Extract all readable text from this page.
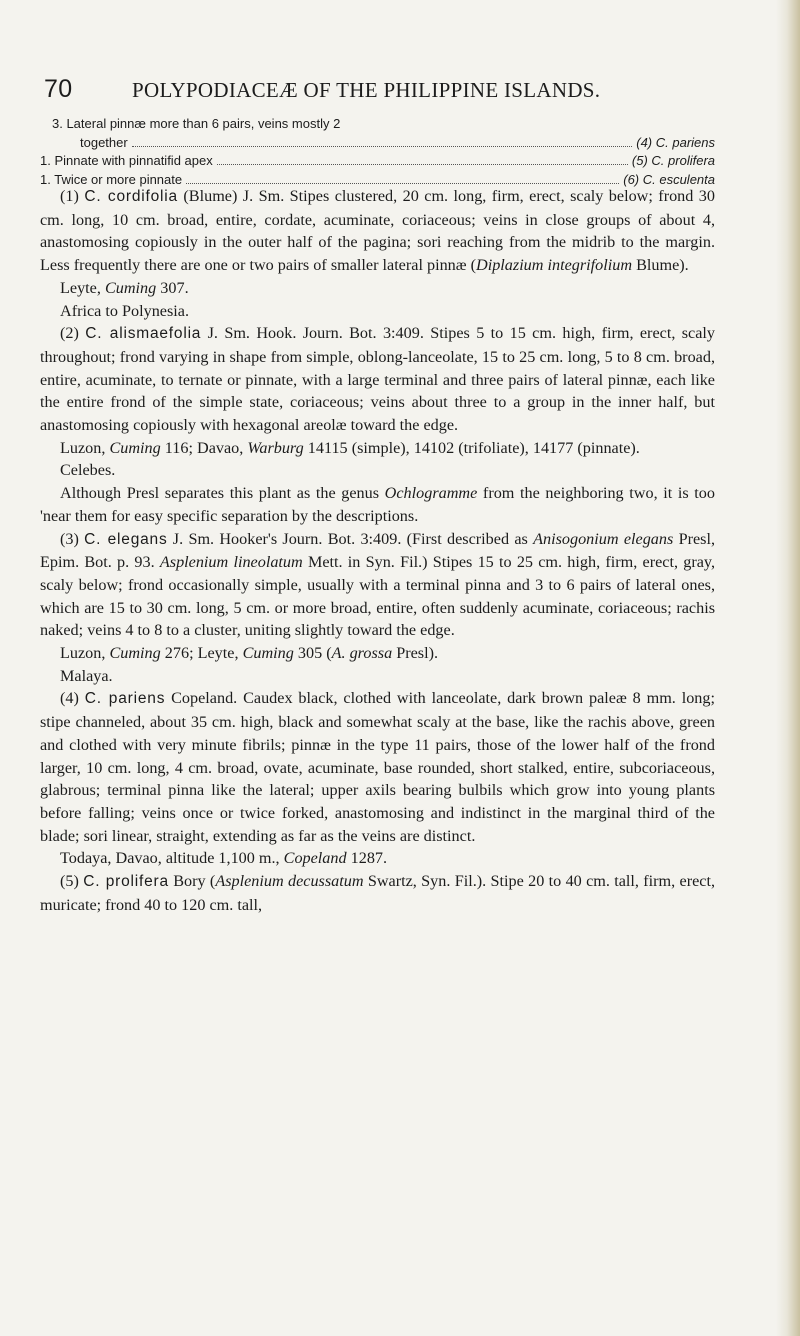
70	POLYPODIACEÆ OF THE PHILIPPINE ISLANDS.
3. Lateral pinnæ more than 6 pairs, veins mostly 2
together	(4) C. pariens
1. Pinnate with pinnatifid apex	(5) C. prolifera
1. Twice or more pinnate	(6) C. esculenta

(1) C. cordifolia (Blume) J. Sm. Stipes clustered, 20 cm. long, firm, erect, scaly below; frond 30 cm. long, 10 cm. broad, entire, cordate, acuminate, coriaceous; veins in close groups of about 4, anastomosing copiously in the outer half of the pagina; sori reaching from the midrib to the margin. Less frequently there are one or two pairs of smaller lateral pinnæ (Diplazium integrifolium Blume).

Leyte, Cuming 307.

Africa to Polynesia.

(2) C. alismaefolia J. Sm. Hook. Journ. Bot. 3:409. Stipes 5 to 15 cm. high, firm, erect, scaly throughout; frond varying in shape from simple, oblong-lanceolate, 15 to 25 cm. long, 5 to 8 cm. broad, entire, acuminate, to ternate or pinnate, with a large terminal and three pairs of lateral pinnæ, each like the entire frond of the simple state, coriaceous; veins about three to a group in the inner half, but anastomosing copiously with hexagonal areolæ toward the edge.

Luzon, Cuming 116; Davao, Warburg 14115 (simple), 14102 (trifoliate), 14177 (pinnate).

Celebes.

Although Presl separates this plant as the genus Ochlogramme from the neighboring two, it is too 'near them for easy specific separation by the descriptions.

(3) C. elegans J. Sm. Hooker's Journ. Bot. 3:409. (First described as Anisogonium elegans Presl, Epim. Bot. p. 93. Asplenium lineolatum Mett. in Syn. Fil.) Stipes 15 to 25 cm. high, firm, erect, gray, scaly below; frond occasionally simple, usually with a terminal pinna and 3 to 6 pairs of lateral ones, which are 15 to 30 cm. long, 5 cm. or more broad, entire, often suddenly acuminate, coriaceous; rachis naked; veins 4 to 8 to a cluster, uniting slightly toward the edge.

Luzon, Cuming 276; Leyte, Cuming 305 (A. grossa Presl).

Malaya.

(4) C. pariens Copeland. Caudex black, clothed with lanceolate, dark brown paleæ 8 mm. long; stipe channeled, about 35 cm. high, black and somewhat scaly at the base, like the rachis above, green and clothed with very minute fibrils; pinnæ in the type 11 pairs, those of the lower half of the frond larger, 10 cm. long, 4 cm. broad, ovate, acuminate, base rounded, short stalked, entire, subcoriaceous, glabrous; terminal pinna like the lateral; upper axils bearing bulbils which grow into young plants before falling; veins once or twice forked, anastomosing and indistinct in the marginal third of the blade; sori linear, straight, extending as far as the veins are distinct.

Todaya, Davao, altitude 1,100 m., Copeland 1287.

(5) C. prolifera Bory (Asplenium decussatum Swartz, Syn. Fil.). Stipe 20 to 40 cm. tall, firm, erect, muricate; frond 40 to 120 cm. tall,
